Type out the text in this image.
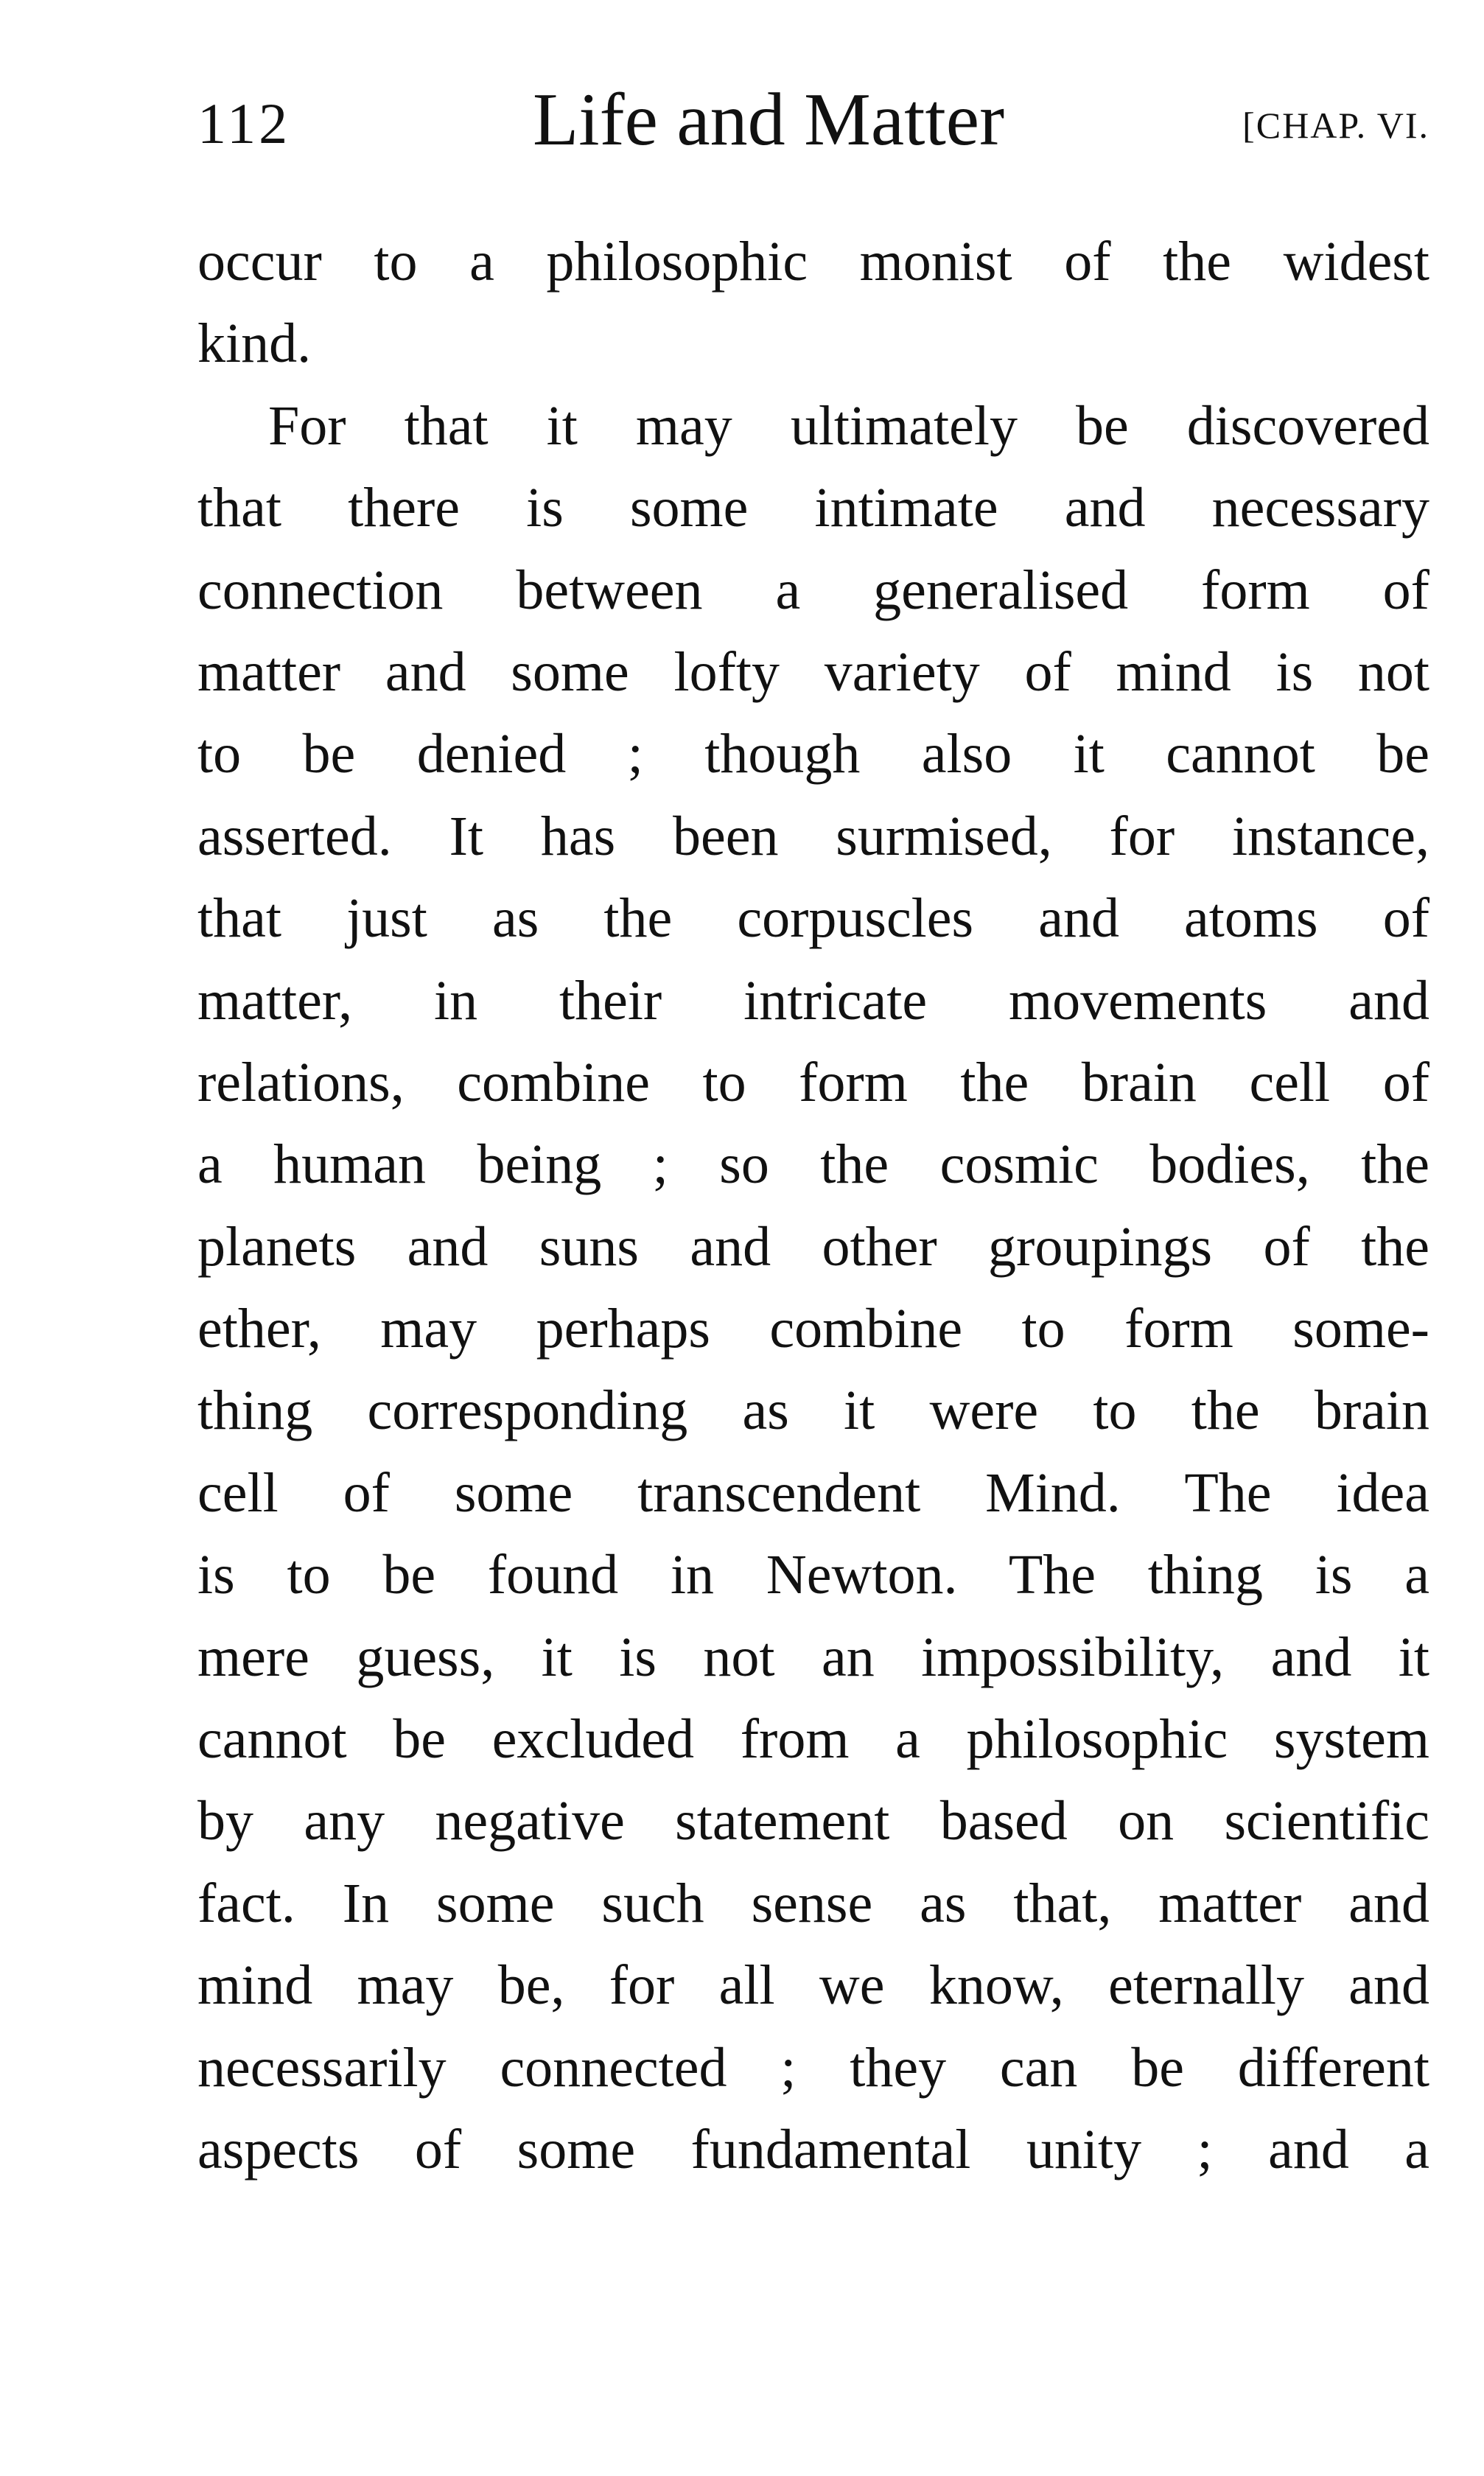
112	Life and Matter	[CHAP. VI.
occur to a philosophic monist of the widest
kind.
For that it may ultimately be discovered
that there is some intimate and necessary
connection between a generalised form of
matter and some lofty variety of mind is not
to be denied ; though also it cannot be
asserted. It has been surmised, for instance,
that just as the corpuscles and atoms of
matter, in their intricate movements and
relations, combine to form the brain cell of
a human being ; so the cosmic bodies, the
planets and suns and other groupings of the
ether, may perhaps combine to form some-
thing corresponding as it were to the brain
cell of some transcendent Mind. The idea
is to be found in Newton. The thing is a
mere guess, it is not an impossibility, and it
cannot be excluded from a philosophic system
by any negative statement based on scientific
fact. In some such sense as that, matter and
mind may be, for all we know, eternally and
necessarily connected ; they can be different
aspects of some fundamental unity ; and a
